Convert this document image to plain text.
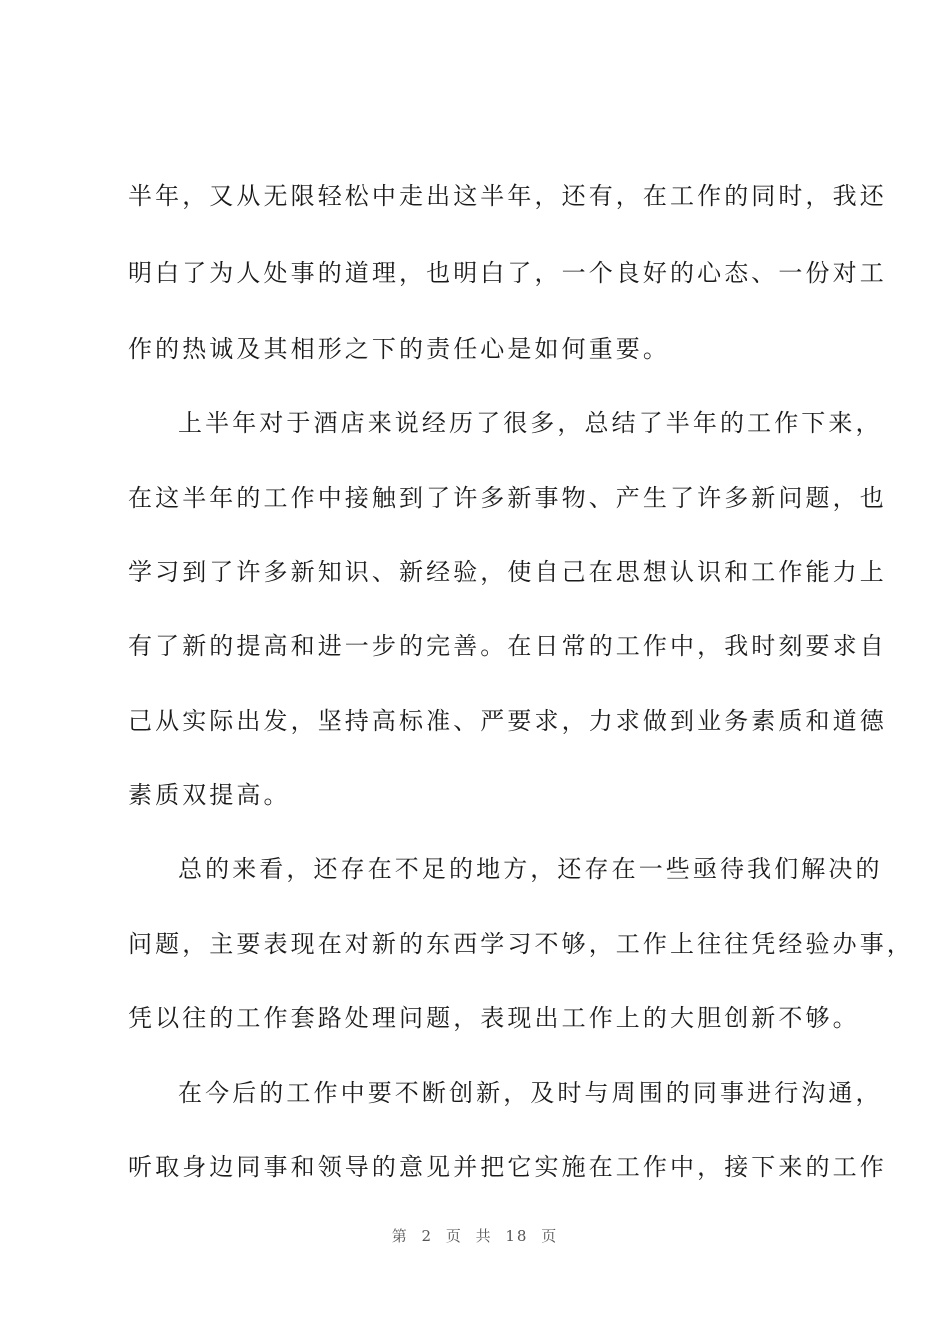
半年，又从无限轻松中走出这半年，还有，在工作的同时，我还
明白了为人处事的道理，也明白了，一个良好的心态、一份对工
作的热诚及其相形之下的责任心是如何重要。
上半年对于酒店来说经历了很多，总结了半年的工作下来，
在这半年的工作中接触到了许多新事物、产生了许多新问题，也
学习到了许多新知识、新经验，使自己在思想认识和工作能力上
有了新的提高和进一步的完善。在日常的工作中，我时刻要求自
己从实际出发，坚持高标准、严要求，力求做到业务素质和道德
素质双提高。
总的来看，还存在不足的地方，还存在一些亟待我们解决的
问题，主要表现在对新的东西学习不够，工作上往往凭经验办事，
凭以往的工作套路处理问题，表现出工作上的大胆创新不够。
在今后的工作中要不断创新，及时与周围的同事进行沟通，
听取身边同事和领导的意见并把它实施在工作中，接下来的工作
第 2 页 共 18 页
